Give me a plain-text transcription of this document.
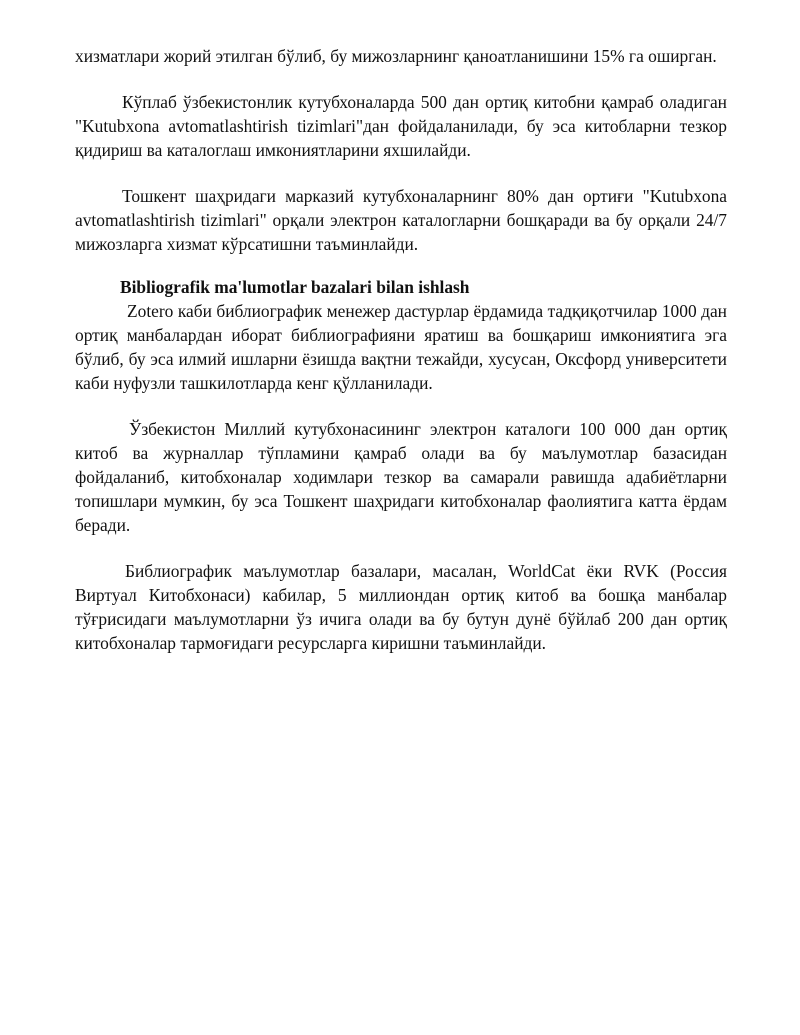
хизматлари жорий этилган бўлиб, бу мижозларнинг қаноатланишини 15% га оширган.

Кўплаб ўзбекистонлик кутубхоналарда 500 дан ортиқ китобни қамраб оладиган "Kutubxona avtomatlashtirish tizimlari"дан фойдаланилади, бу эса китобларни тезкор қидириш ва каталоглаш имкониятларини яхшилайди.

Тошкент шаҳридаги марказий кутубхоналарнинг 80% дан ортиғи "Kutubxona avtomatlashtirish tizimlari" орқали электрон каталогларни бошқаради ва бу орқали 24/7 мижозларга хизмат кўрсатишни таъминлайди.

Bibliografik ma'lumotlar bazalari bilan ishlash

Zotero каби библиографик менежер дастурлар ёрдамида тадқиқотчилар 1000 дан ортиқ манбалардан иборат библиографияни яратиш ва бошқариш имкониятига эга бўлиб, бу эса илмий ишларни ёзишда вақтни тежайди, хусусан, Оксфорд университети каби нуфузли ташкилотларда кенг қўлланилади.

Ўзбекистон Миллий кутубхонасининг электрон каталоги 100 000 дан ортиқ китоб ва журналлар тўпламини қамраб олади ва бу маълумотлар базасидан фойдаланиб, китобхоналар ходимлари тезкор ва самарали равишда адабиётларни топишлари мумкин, бу эса Тошкент шаҳридаги китобхоналар фаолиятига катта ёрдам беради.

Библиографик маълумотлар базалари, масалан, WorldCat ёки RVK (Россия Виртуал Китобхонаси) кабилар, 5 миллиондан ортиқ китоб ва бошқа манбалар тўғрисидаги маълумотларни ўз ичига олади ва бу бутун дунё бўйлаб 200 дан ортиқ китобхоналар тармоғидаги ресурсларга киришни таъминлайди.
